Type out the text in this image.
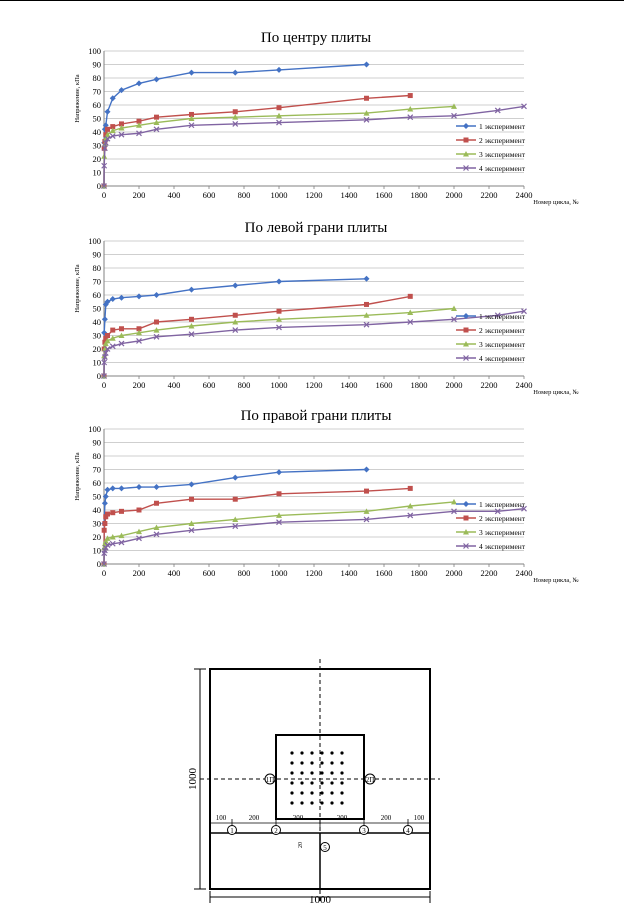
По центру плиты
0
10
20
30
40
50
60
70
80
90
100
0	200	400	600	800 1000 1200 1400 1600 1800 2000 2200 2400
Напряжение, кПа
Номер цикла, №
1 эксперимент
2 эксперимент
3 эксперимент
4 эксперимент
По левой грани плиты
0
10
20
30
40
50
60
70
80
90
100
0	200	400	600	800 1000 1200 1400 1600 1800 2000 2200 2400
Напряжение, кПа
Номер цикла, №
1 эксперимент
2 эксперимент
3 эксперимент
4 эксперимент
По правой грани плиты
0
10
20
30
40
50
60
70
80
90
100
0	200	400	600	800 1000 1200 1400 1600 1800 2000 2200 2400
Напряжение, кПа
Номер цикла, №
1 эксперимент
2 эксперимент
3 эксперимент
4 эксперимент
1П	2П
100	200	200	200	200	100
1	2	3	4
5
20
1000
1000
